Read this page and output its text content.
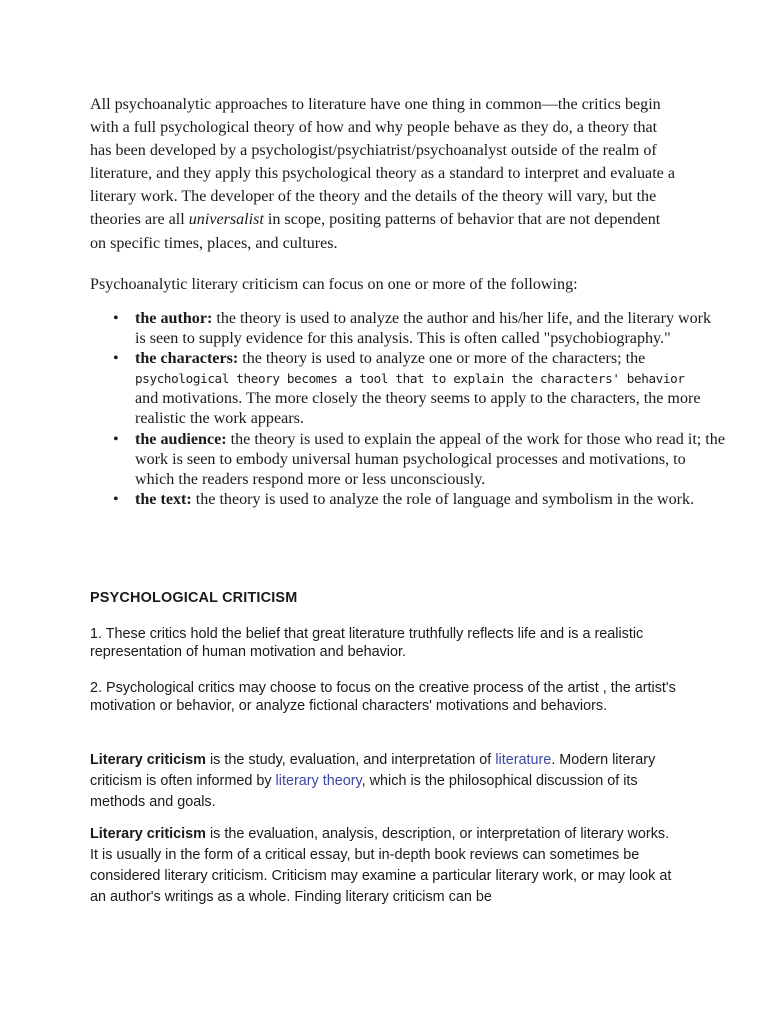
All psychoanalytic approaches to literature have one thing in common—the critics begin with a full psychological theory of how and why people behave as they do, a theory that has been developed by a psychologist/psychiatrist/psychoanalyst outside of the realm of literature, and they apply this psychological theory as a standard to interpret and evaluate a literary work. The developer of the theory and the details of the theory will vary, but the theories are all universalist in scope, positing patterns of behavior that are not dependent on specific times, places, and cultures.

Psychoanalytic literary criticism can focus on one or more of the following:

• the author: the theory is used to analyze the author and his/her life, and the literary work is seen to supply evidence for this analysis. This is often called "psychobiography."
• the characters: the theory is used to analyze one or more of the characters; the
psychological theory becomes a tool that to explain the characters' behavior
and motivations. The more closely the theory seems to apply to the characters, the more realistic the work appears.
• the audience: the theory is used to explain the appeal of the work for those who read it; the work is seen to embody universal human psychological processes and motivations, to which the readers respond more or less unconsciously.
• the text: the theory is used to analyze the role of language and symbolism in the work.
PSYCHOLOGICAL CRITICISM

1. These critics hold the belief that great literature truthfully reflects life and is a realistic representation of human motivation and behavior.

2. Psychological critics may choose to focus on the creative process of the artist , the artist's motivation or behavior, or analyze fictional characters' motivations and behaviors.

Literary criticism is the study, evaluation, and interpretation of literature. Modern literary criticism is often informed by literary theory, which is the philosophical discussion of its methods and goals.

Literary criticism is the evaluation, analysis, description, or interpretation of literary works. It is usually in the form of a critical essay, but in-depth book reviews can sometimes be considered literary criticism. Criticism may examine a particular literary work, or may look at an author's writings as a whole. Finding literary criticism can be
